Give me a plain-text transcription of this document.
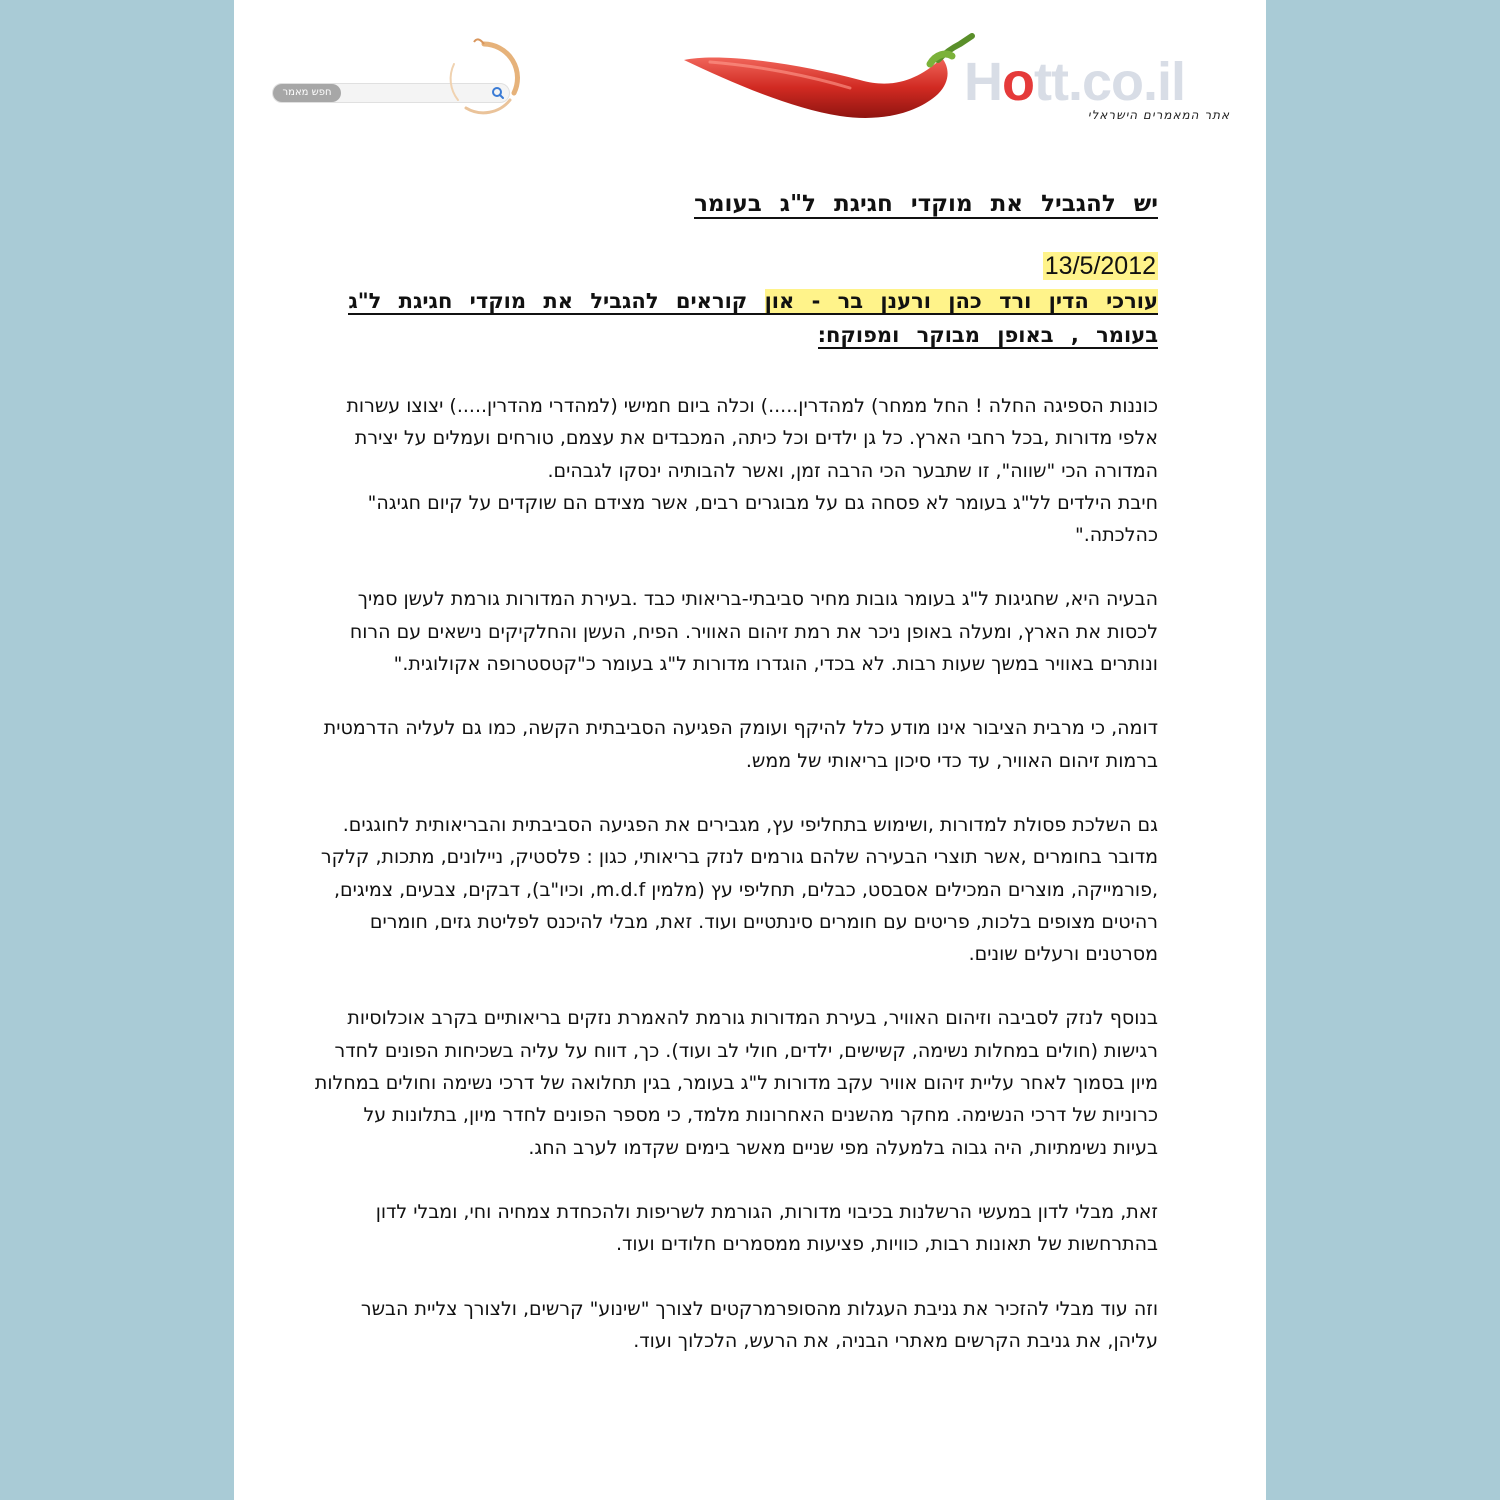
חפש מאמר	Hott.co.il
אתר המאמרים הישראלי
יש להגביל את מוקדי חגיגת ל"ג בעומר
13/5/2012
עורכי הדין ורד כהן ורענן בר - און קוראים להגביל את מוקדי חגיגת ל"ג בעומר , באופן מבוקר ומפוקח:

כוננות הספיגה החלה ! החל ממחר) למהדרין.....) וכלה ביום חמישי (למהדרי מהדרין.....) יצוצו עשרות אלפי מדורות ,בכל רחבי הארץ. כל גן ילדים וכל כיתה, המכבדים את עצמם, טורחים ועמלים על יצירת המדורה הכי "שווה", זו שתבער הכי הרבה זמן, ואשר להבותיה ינסקו לגבהים.

חיבת הילדים לל"ג בעומר לא פסחה גם על מבוגרים רבים, אשר מצידם הם שוקדים על קיום חגיגה" כהלכתה."

הבעיה היא, שחגיגות ל"ג בעומר גובות מחיר סביבתי-בריאותי כבד .בעירת המדורות גורמת לעשן סמיך לכסות את הארץ, ומעלה באופן ניכר את רמת זיהום האוויר. הפיח, העשן והחלקיקים נישאים עם הרוח ונותרים באוויר במשך שעות רבות. לא בכדי, הוגדרו מדורות ל"ג בעומר כ"קטסטרופה אקולוגית."

דומה, כי מרבית הציבור אינו מודע כלל להיקף ועומק הפגיעה הסביבתית הקשה, כמו גם לעליה הדרמטית ברמות זיהום האוויר, עד כדי סיכון בריאותי של ממש.

גם השלכת פסולת למדורות ,ושימוש בתחליפי עץ, מגבירים את הפגיעה הסביבתית והבריאותית לחוגגים. מדובר בחומרים ,אשר תוצרי הבעירה שלהם גורמים לנזק בריאותי, כגון : פלסטיק, ניילונים, מתכות, קלקר ,פורמייקה, מוצרים המכילים אסבסט, כבלים, תחליפי עץ (מלמין m.d.f, וכיו"ב), דבקים, צבעים, צמיגים, רהיטים מצופים בלכות, פריטים עם חומרים סינתטיים ועוד. זאת, מבלי להיכנס לפליטת גזים, חומרים מסרטנים ורעלים שונים.

בנוסף לנזק לסביבה וזיהום האוויר, בעירת המדורות גורמת להאמרת נזקים בריאותיים בקרב אוכלוסיות רגישות (חולים במחלות נשימה, קשישים, ילדים, חולי לב ועוד). כך, דווח על עליה בשכיחות הפונים לחדר מיון בסמוך לאחר עליית זיהום אוויר עקב מדורות ל"ג בעומר, בגין תחלואה של דרכי נשימה וחולים במחלות כרוניות של דרכי הנשימה. מחקר מהשנים האחרונות מלמד, כי מספר הפונים לחדר מיון, בתלונות על בעיות נשימתיות, היה גבוה בלמעלה מפי שניים מאשר בימים שקדמו לערב החג.

זאת, מבלי לדון במעשי הרשלנות בכיבוי מדורות, הגורמת לשריפות ולהכחדת צמחיה וחי, ומבלי לדון בהתרחשות של תאונות רבות, כוויות, פציעות ממסמרים חלודים ועוד.

וזה עוד מבלי להזכיר את גניבת העגלות מהסופרמרקטים לצורך "שינוע" קרשים, ולצורך צליית הבשר עליהן, את גניבת הקרשים מאתרי הבניה, את הרעש, הלכלוך ועוד.
